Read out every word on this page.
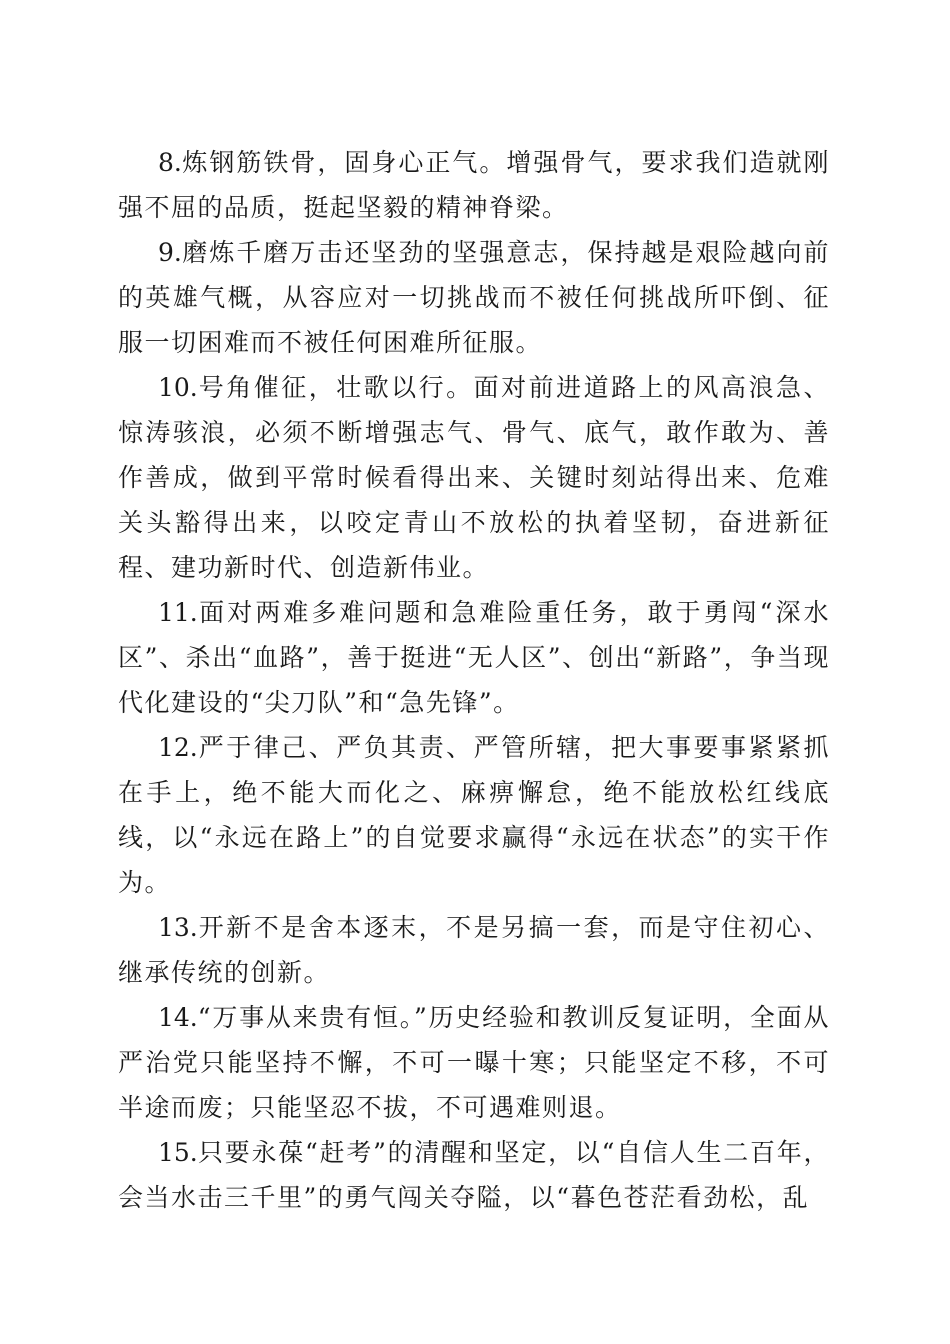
8.炼钢筋铁骨，固身心正气。增强骨气，要求我们造就刚强不屈的品质，挺起坚毅的精神脊梁。

9.磨炼千磨万击还坚劲的坚强意志，保持越是艰险越向前的英雄气概，从容应对一切挑战而不被任何挑战所吓倒、征服一切困难而不被任何困难所征服。

10.号角催征，壮歌以行。面对前进道路上的风高浪急、惊涛骇浪，必须不断增强志气、骨气、底气，敢作敢为、善作善成，做到平常时候看得出来、关键时刻站得出来、危难关头豁得出来，以咬定青山不放松的执着坚韧，奋进新征程、建功新时代、创造新伟业。

11.面对两难多难问题和急难险重任务，敢于勇闯“深水区”、杀出“血路”，善于挺进“无人区”、创出“新路”，争当现代化建设的“尖刀队”和“急先锋”。

12.严于律己、严负其责、严管所辖，把大事要事紧紧抓在手上，绝不能大而化之、麻痹懈怠，绝不能放松红线底线，以“永远在路上”的自觉要求赢得“永远在状态”的实干作为。

13.开新不是舍本逐末，不是另搞一套，而是守住初心、继承传统的创新。

14.“万事从来贵有恒。”历史经验和教训反复证明，全面从严治党只能坚持不懈，不可一曝十寒；只能坚定不移，不可半途而废；只能坚忍不拔，不可遇难则退。

15.只要永葆“赶考”的清醒和坚定，以“自信人生二百年，会当水击三千里”的勇气闯关夺隘，以“暮色苍茫看劲松，乱
